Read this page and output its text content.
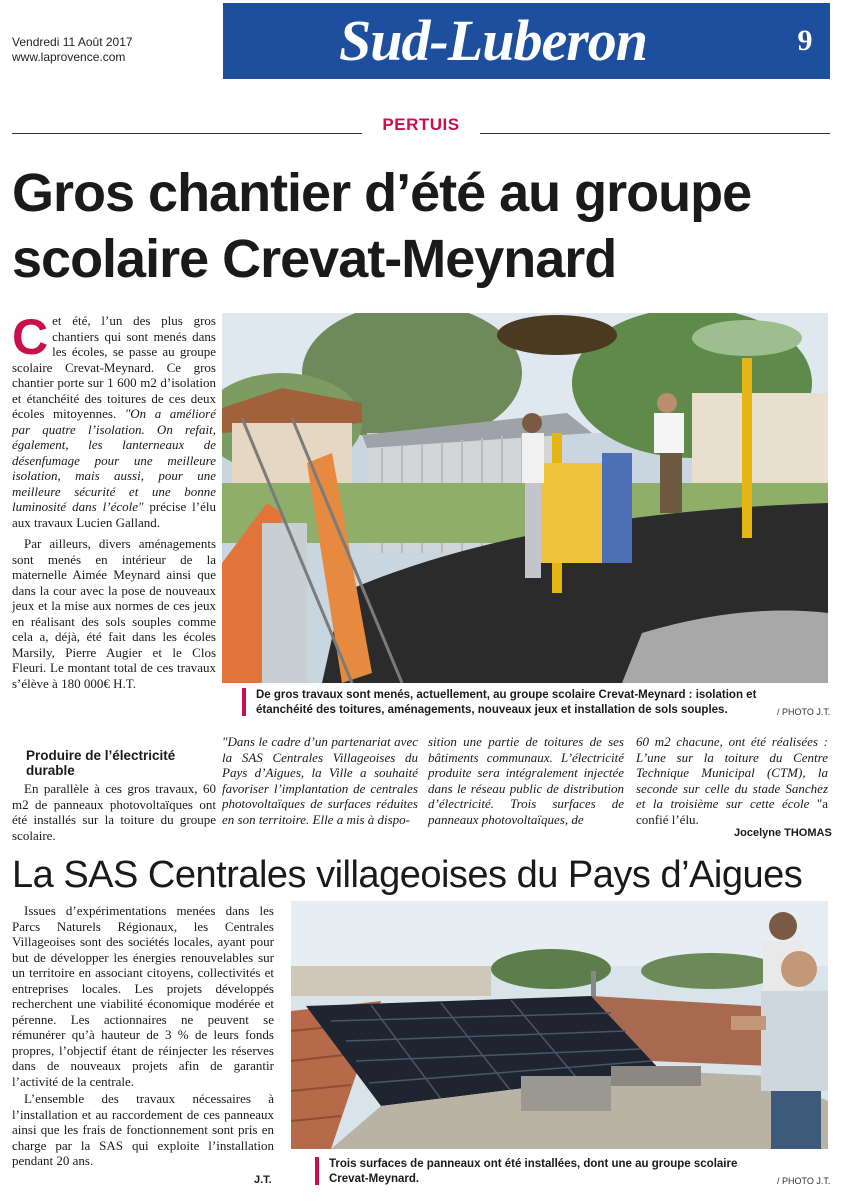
Vendredi 11 Août 2017
www.laprovence.com	Sud-Luberon	9
PERTUIS
Gros chantier d’été au groupe
scolaire Crevat-Meynard

Cet été, l’un des plus gros chantiers qui sont menés dans les écoles, se passe au groupe scolaire Crevat-Meynard. Ce gros chantier porte sur 1 600 m2 d’isolation et étanchéité des toitures de ces deux écoles mitoyennes. "On a amélioré par quatre l’isolation. On refait, également, les lanterneaux de désenfumage pour une meilleure isolation, mais aussi, pour une meilleure sécurité et une bonne luminosité dans l’école" précise l’élu aux travaux Lucien Galland.

Par ailleurs, divers aménagements sont menés en intérieur de la maternelle Aimée Meynard ainsi que dans la cour avec la pose de nouveaux jeux et la mise aux normes de ces jeux en réalisant des sols souples comme cela a, déjà, été fait dans les écoles Marsily, Pierre Augier et le Clos Fleuri. Le montant total de ces travaux s’élève à 180 000€ H.T.

Produire de l’électricité durable

En parallèle à ces gros travaux, 60 m2 de panneaux photovoltaïques ont été installés sur la toiture du groupe scolaire.

De gros travaux sont menés, actuellement, au groupe scolaire Crevat-Meynard : isolation et étanchéité des toitures, aménagements, nouveaux jeux et installation de sols souples.	/ PHOTO J.T.
"Dans le cadre d’un partenariat avec la SAS Centrales Villageoises du Pays d’Aigues, la Ville a souhaité favoriser l’implantation de centrales photovoltaïques de surfaces réduites en son territoire. Elle a mis à dispo-

sition une partie de toitures de ses bâtiments communaux. L’électricité produite sera intégralement injectée dans le réseau public de distribution d’électricité. Trois surfaces de panneaux photovoltaïques, de

60 m2 chacune, ont été réalisées : L’une sur la toiture du Centre Technique Municipal (CTM), la seconde sur celle du stade Sanchez et la troisième sur cette école "a confié l’élu.

Jocelyne THOMAS
La SAS Centrales villageoises du Pays d’Aigues

Issues d’expérimentations menées dans les Parcs Naturels Régionaux, les Centrales Villageoises sont des sociétés locales, ayant pour but de développer les énergies renouvelables sur un territoire en associant citoyens, collectivités et entreprises locales. Les projets développés recherchent une viabilité économique modérée et pérenne. Les actionnaires ne peuvent se rémunérer qu’à hauteur de 3 % de leurs fonds propres, l’objectif étant de réinjecter les réserves dans de nouveaux projets afin de garantir l’activité de la centrale.

L’ensemble des travaux nécessaires à l’installation et au raccordement de ces panneaux ainsi que les frais de fonctionnement sont pris en charge par la SAS qui exploite l’installation pendant 20 ans.

J.T.
Trois surfaces de panneaux ont été installées, dont une au groupe scolaire Crevat-Meynard.	/ PHOTO J.T.
